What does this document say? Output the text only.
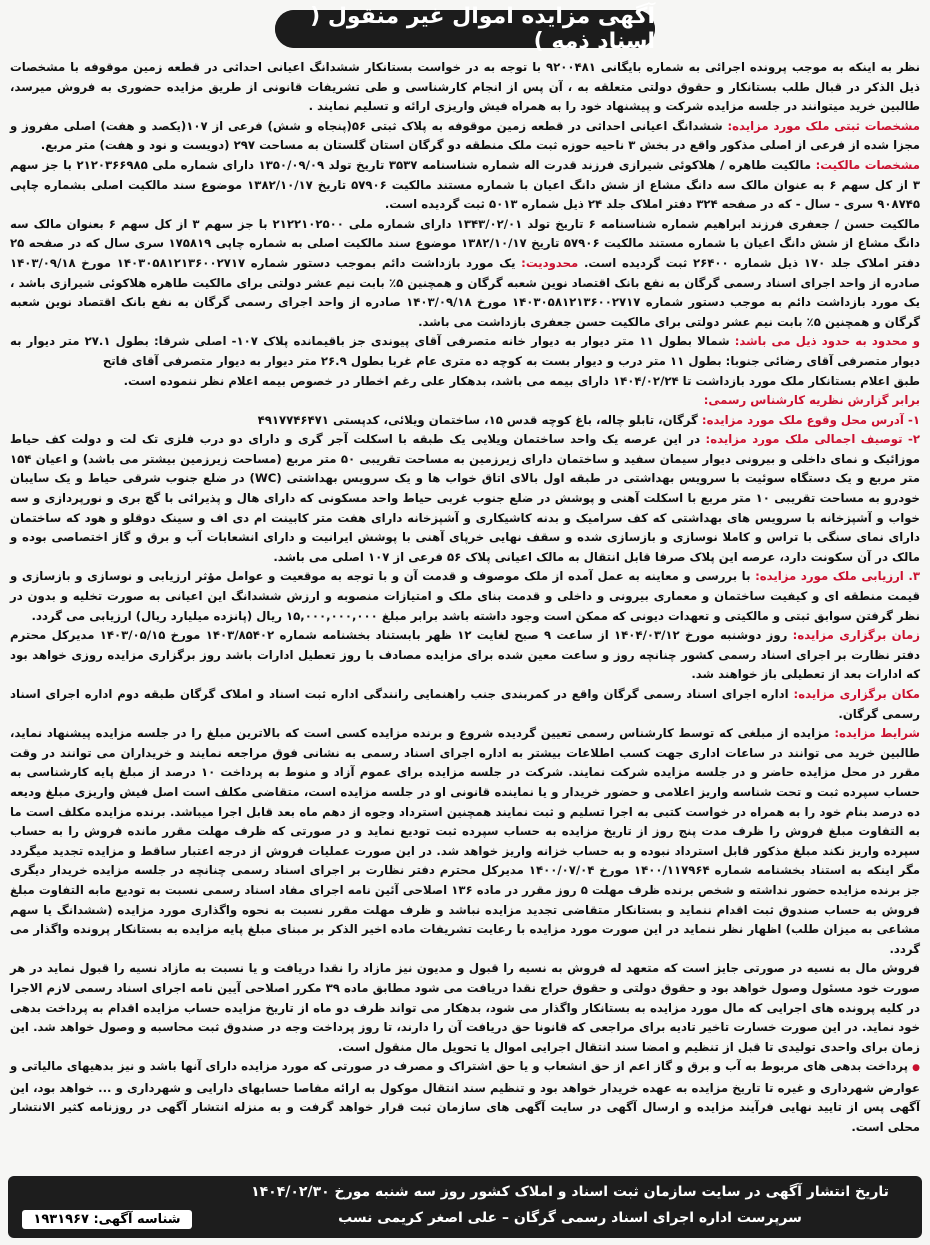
آگهی مزایده اموال غیر منقول ( اسناد ذمه )

نظر به اینکه به موجب پرونده اجرائی به شماره بایگانی ۹۲۰۰۴۸۱ با توجه به در خواست بستانکار ششدانگ اعیانی احداثی در قطعه زمین موقوفه با مشخصات ذیل الذکر در قبال طلب بستانکار و حقوق دولتی متعلقه به ، آن پس از انجام کارشناسی و طی تشریفات قانونی از طریق مزایده حضوری به فروش میرسد، طالبین خرید میتوانند در جلسه مزایده شرکت و پیشنهاد خود را به همراه فیش واریزی ارائه و تسلیم نمایند .

مشخصات ثبتی ملک مورد مزایده: ششدانگ اعیانی احداثی در قطعه زمین موقوفه به پلاک ثبتی ۵۶(پنجاه و شش) فرعی از ۱۰۷(یکصد و هفت) اصلی مفروز و مجزا شده از فرعی از اصلی مذکور واقع در بخش ۳ ناحیه حوزه ثبت ملک منطقه دو گرگان استان گلستان به مساحت ۲۹۷ (دویست و نود و هفت) متر مربع.

مشخصات مالکیت: مالکیت طاهره / هلاکوئی شیرازی فرزند قدرت اله شماره شناسنامه ۳۵۳۷ تاریخ تولد ۱۳۵۰/۰۹/۰۹ دارای شماره ملی ۲۱۲۰۳۶۶۹۸۵ با جز سهم ۳ از کل سهم ۶ به عنوان مالک سه دانگ مشاع از شش دانگ اعیان با شماره مستند مالکیت ۵۷۹۰۶ تاریخ ۱۳۸۲/۱۰/۱۷ موضوع سند مالکیت اصلی بشماره چاپی ۹۰۸۷۴۵ سری - سال - که در صفحه ۳۲۴ دفتر املاک جلد ۲۴ ذیل شماره ۵۰۱۳ ثبت گردیده است.

مالکیت حسن / جعفری فرزند ابراهیم شماره شناسنامه ۶ تاریخ تولد ۱۳۴۳/۰۲/۰۱ دارای شماره ملی ۲۱۲۲۱۰۲۵۰۰ با جز سهم ۳ از کل سهم ۶ بعنوان مالک سه دانگ مشاع از شش دانگ اعیان با شماره مستند مالکیت ۵۷۹۰۶ تاریخ ۱۳۸۲/۱۰/۱۷ موضوع سند مالکیت اصلی به شماره چاپی ۱۷۵۸۱۹ سری سال که در صفحه ۲۵ دفتر املاک جلد ۱۷۰ ذیل شماره ۲۶۴۰۰ ثبت گردیده است. محدودیت: یک مورد بازداشت دائم بموجب دستور شماره ۱۴۰۳۰۵۸۱۲۱۳۶۰۰۲۷۱۷ مورخ ۱۴۰۳/۰۹/۱۸ صادره از واحد اجرای اسناد رسمی گرگان به نفع بانک اقتصاد نوین شعبه گرگان و همچنین ۵٪ بابت نیم عشر دولتی برای مالکیت طاهره هلاکوئی شیرازی باشد ، یک مورد بازداشت دائم به موجب دستور شماره ۱۴۰۳۰۵۸۱۲۱۳۶۰۰۲۷۱۷ مورخ ۱۴۰۳/۰۹/۱۸ صادره از واحد اجرای رسمی گرگان به نفع بانک اقتصاد نوین شعبه گرگان و همچنین ۵٪ بابت نیم عشر دولتی برای مالکیت حسن جعفری بازداشت می باشد.

و محدود به حدود ذیل می باشد: شمالا بطول ۱۱ متر دیوار به دیوار خانه متصرفی آقای پیوندی جز باقیمانده پلاک ۱۰۷- اصلی شرقا: بطول ۲۷.۱ متر دیوار به دیوار متصرفی آقای رضائی جنوبا: بطول ۱۱ متر درب و دیوار بست به کوچه ده متری عام غربا بطول ۲۶.۹ متر دیوار به دیوار متصرفی آقای فاتح

طبق اعلام بستانکار ملک مورد بازداشت تا ۱۴۰۴/۰۲/۲۴ دارای بیمه می باشد، بدهکار علی رغم اخطار در خصوص بیمه اعلام نظر ننموده است.

برابر گزارش نظریه کارشناس رسمی:

۱- آدرس محل وقوع ملک مورد مزایده: گرگان، تابلو چاله، باغ کوچه قدس ۱۵، ساختمان ویلائی، کدپستی ۴۹۱۷۷۴۶۴۷۱

۲- توصیف اجمالی ملک مورد مزایده: در این عرصه یک واحد ساختمان ویلایی یک طبقه با اسکلت آجر گری و دارای دو درب فلزی تک لت و دولت کف حیاط موزائیک و نمای داخلی و بیرونی دیوار سیمان سفید و ساختمان دارای زیرزمین به مساحت تقریبی ۵۰ متر مربع (مساحت زیرزمین بیشتر می باشد) و اعیان ۱۵۴ متر مربع و یک دستگاه سوئیت با سرویس بهداشتی در طبقه اول بالای اتاق خواب ها و یک سرویس بهداشتی (WC) در ضلع جنوب شرقی حیاط و یک سایبان خودرو به مساحت تقریبی ۱۰ متر مربع با اسکلت آهنی و پوشش در ضلع جنوب غربی حیاط واحد مسکونی که دارای هال و پذیرائی با گچ بری و نورپردازی و سه خواب و آشپزخانه با سرویس های بهداشتی که کف سرامیک و بدنه کاشیکاری و آشپزخانه دارای هفت متر کابینت ام دی اف و سینک دوقلو و هود که ساختمان دارای نمای سنگی با تراس و کاملا نوسازی و بازسازی شده و سقف نهایی خرپای آهنی با پوشش ایرانیت و دارای انشعابات آب و برق و گاز اختصاصی بوده و مالک در آن سکونت دارد، عرصه این پلاک صرفا قابل انتقال به مالک اعیانی پلاک ۵۶ فرعی از ۱۰۷ اصلی می باشد.

۳. ارزیابی ملک مورد مزایده: با بررسی و معاینه به عمل آمده از ملک موصوف و قدمت آن و با توجه به موقعیت و عوامل مؤثر ارزیابی و نوسازی و بازسازی و قیمت منطقه ای و کیفیت ساختمان و معماری بیرونی و داخلی و قدمت بنای ملک و امتیازات منصوبه و ارزش ششدانگ این اعیانی به صورت تخلیه و بدون در نظر گرفتن سوابق ثبتی و مالکیتی و تعهدات دیونی که ممکن است وجود داشته باشد برابر مبلغ ۱۵,۰۰۰,۰۰۰,۰۰۰ ریال (پانزده میلیارد ریال) ارزیابی می گردد.

زمان برگزاری مزایده: روز دوشنبه مورخ ۱۴۰۴/۰۳/۱۲ از ساعت ۹ صبح لغایت ۱۲ ظهر بابستناد بخشنامه شماره ۱۴۰۳/۸۵۴۰۲ مورخ ۱۴۰۳/۰۵/۱۵ مدیرکل محترم دفتر نظارت بر اجرای اسناد رسمی کشور چنانچه روز و ساعت معین شده برای مزایده مصادف با روز تعطیل ادارات باشد روز برگزاری مزایده روزی خواهد بود که ادارات بعد از تعطیلی باز خواهند شد.

مکان برگزاری مزایده: اداره اجرای اسناد رسمی گرگان واقع در کمربندی جنب راهنمایی رانندگی اداره ثبت اسناد و املاک گرگان طبقه دوم اداره اجرای اسناد رسمی گرگان.

شرایط مزایده: مزایده از مبلغی که توسط کارشناس رسمی تعیین گردیده شروع و برنده مزایده کسی است که بالاترین مبلغ را در جلسه مزایده پیشنهاد نماید، طالبین خرید می توانند در ساعات اداری جهت کسب اطلاعات بیشتر به اداره اجرای اسناد رسمی به نشانی فوق مراجعه نمایند و خریداران می توانند در وقت مقرر در محل مزایده حاضر و در جلسه مزایده شرکت نمایند. شرکت در جلسه مزایده برای عموم آزاد و منوط به پرداخت ۱۰ درصد از مبلغ پایه کارشناسی به حساب سپرده ثبت و تحت شناسه واریز اعلامی و حضور خریدار و یا نماینده قانونی او در جلسه مزایده است، متقاضی مکلف است اصل فیش واریزی مبلغ ودیعه ده درصد بنام خود را به همراه در خواست کتبی به اجرا تسلیم و ثبت نمایند همچنین استرداد وجوه از دهم ماه بعد قابل اجرا میباشد. برنده مزایده مکلف است ما به التفاوت مبلغ فروش را ظرف مدت پنج روز از تاریخ مزایده به حساب سپرده ثبت تودیع نماید و در صورتی که ظرف مهلت مقرر مانده فروش را به حساب سپرده واریز نکند مبلغ مذکور قابل استرداد نبوده و به حساب خزانه واریز خواهد شد. در این صورت عملیات فروش از درجه اعتبار ساقط و مزایده تجدید میگردد مگر اینکه به استناد بخشنامه شماره ۱۴۰۰/۱۱۷۹۶۴ مورخ ۱۴۰۰/۰۷/۰۴ مدیرکل محترم دفتر نظارت بر اجرای اسناد رسمی چنانچه در جلسه مزایده خریدار دیگری جز برنده مزایده حضور نداشته و شخص برنده ظرف مهلت ۵ روز مقرر در ماده ۱۳۶ اصلاحی آئین نامه اجرای مفاد اسناد رسمی نسبت به تودیع مابه التفاوت مبلغ فروش به حساب صندوق ثبت اقدام ننماید و بستانکار متقاضی تجدید مزایده نباشد و ظرف مهلت مقرر نسبت به نحوه واگذاری مورد مزایده (ششدانگ یا سهم مشاعی به میزان طلب) اظهار نظر ننماید در این صورت مورد مزایده با رعایت تشریفات ماده اخیر الذکر بر مبنای مبلغ پایه مزایده به بستانکار پرونده واگذار می گردد.

فروش مال به نسیه در صورتی جایز است که متعهد له فروش به نسیه را قبول و مدیون نیز مازاد را نقدا دریافت و یا نسبت به مازاد نسیه را قبول نماید در هر صورت خود مسئول وصول خواهد بود و حقوق دولتی و حقوق حراج نقدا دریافت می شود مطابق ماده ۳۹ مکرر اصلاحی آیین نامه اجرای اسناد رسمی لازم الاجرا در کلیه پرونده های اجرایی که مال مورد مزایده به بستانکار واگذار می شود، بدهکار می تواند ظرف دو ماه از تاریخ مزایده حساب مزایده اقدام به پرداخت بدهی خود نماید. در این صورت خسارت تاخیر تادیه برای مراجعی که قانونا حق دریافت آن را دارند، تا روز پرداخت وجه در صندوق ثبت محاسبه و وصول خواهد شد. این زمان برای واحدی تولیدی تا قبل از تنظیم و امضا سند انتقال اجرایی اموال یا تحویل مال منقول است.

● پرداخت بدهی های مربوط به آب و برق و گاز اعم از حق انشعاب و یا حق اشتراک و مصرف در صورتی که مورد مزایده دارای آنها باشد و نیز بدهیهای مالیاتی و عوارض شهرداری و غیره تا تاریخ مزایده به عهده خریدار خواهد بود و تنظیم سند انتقال موکول به ارائه مفاصا حسابهای دارایی و شهرداری و ... خواهد بود، این آگهی پس از تایید نهایی فرآیند مزایده و ارسال آگهی در سایت آگهی های سازمان ثبت قرار خواهد گرفت و به منزله انتشار آگهی در روزنامه کثیر الانتشار محلی است.

تاریخ انتشار آگهی در سایت سازمان ثبت اسناد و املاک کشور روز سه شنبه مورخ ۱۴۰۴/۰۲/۳۰
سرپرست اداره اجرای اسناد رسمی گرگان – علی اصغر کریمی نسب
شناسه آگهی: ۱۹۳۱۹۶۷
